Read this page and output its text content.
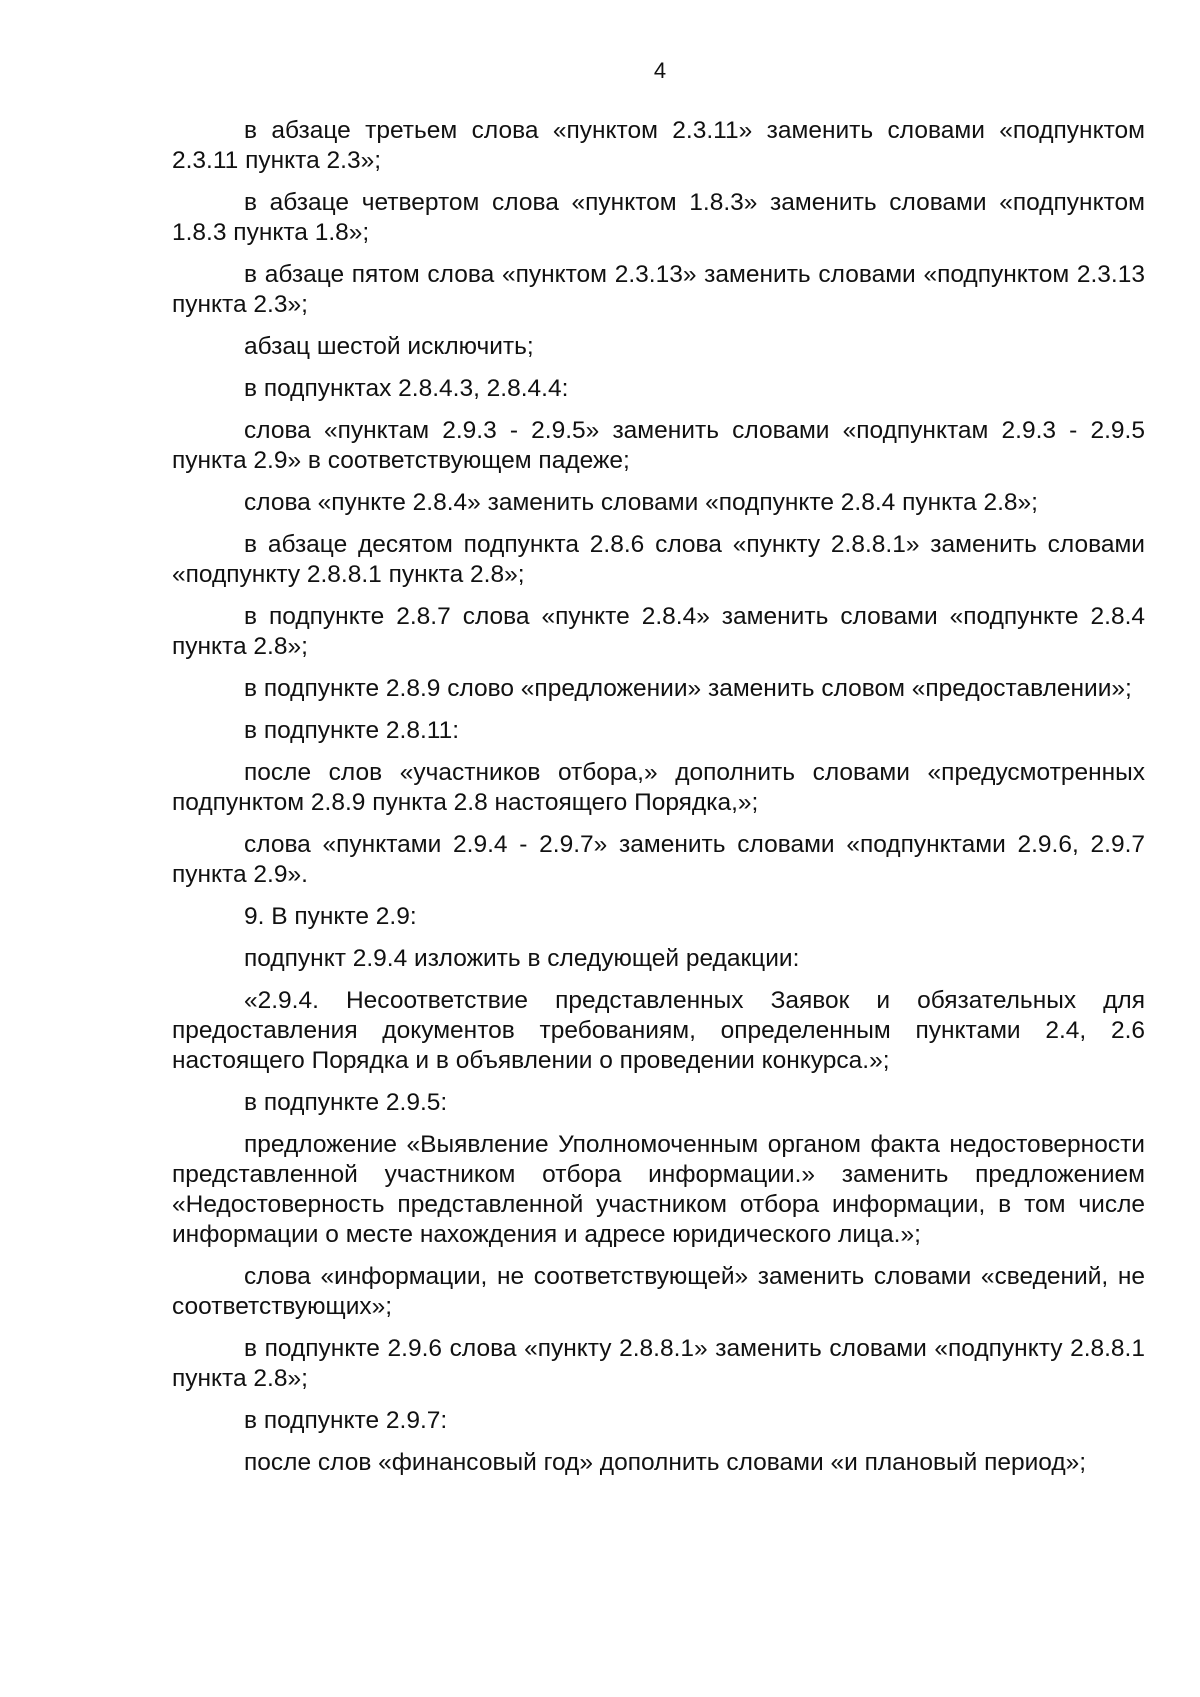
4

в абзаце третьем слова «пунктом 2.3.11» заменить словами «подпунктом 2.3.11 пункта 2.3»;

в абзаце четвертом слова «пунктом 1.8.3» заменить словами «подпунктом 1.8.3 пункта 1.8»;

в абзаце пятом слова «пунктом 2.3.13» заменить словами «подпунктом 2.3.13 пункта 2.3»;

абзац шестой исключить;

в подпунктах 2.8.4.3, 2.8.4.4:

слова «пунктам 2.9.3 - 2.9.5» заменить словами «подпунктам 2.9.3 - 2.9.5 пункта 2.9» в соответствующем падеже;

слова «пункте 2.8.4» заменить словами «подпункте 2.8.4 пункта 2.8»;

в абзаце десятом подпункта 2.8.6 слова «пункту 2.8.8.1» заменить словами «подпункту 2.8.8.1 пункта 2.8»;

в подпункте 2.8.7 слова «пункте 2.8.4» заменить словами «подпункте 2.8.4 пункта 2.8»;

в подпункте 2.8.9 слово «предложении» заменить словом «предоставлении»;

в подпункте 2.8.11:

после слов «участников отбора,» дополнить словами «предусмотренных подпунктом 2.8.9 пункта 2.8 настоящего Порядка,»;

слова «пунктами 2.9.4 - 2.9.7» заменить словами «подпунктами 2.9.6, 2.9.7 пункта 2.9».

9. В пункте 2.9:

подпункт 2.9.4 изложить в следующей редакции:

«2.9.4. Несоответствие представленных Заявок и обязательных для предоставления документов требованиям, определенным пунктами 2.4, 2.6 настоящего Порядка и в объявлении о проведении конкурса.»;

в подпункте 2.9.5:

предложение «Выявление Уполномоченным органом факта недостоверности представленной участником отбора информации.» заменить предложением «Недостоверность представленной участником отбора информации, в том числе информации о месте нахождения и адресе юридического лица.»;

слова «информации, не соответствующей» заменить словами «сведений, не соответствующих»;

в подпункте 2.9.6 слова «пункту 2.8.8.1» заменить словами «подпункту 2.8.8.1 пункта 2.8»;

в подпункте 2.9.7:

после слов «финансовый год» дополнить словами «и плановый период»;
